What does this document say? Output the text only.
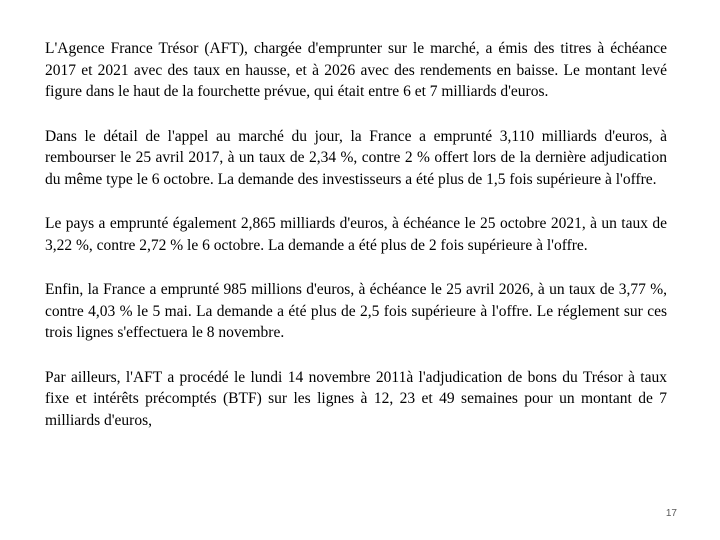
L'Agence France Trésor (AFT), chargée d'emprunter sur le marché, a émis des titres à échéance 2017 et 2021 avec des taux en hausse, et à 2026 avec des rendements en baisse. Le montant levé figure dans le haut de la fourchette prévue, qui était entre 6 et 7 milliards d'euros.

Dans le détail de l'appel au marché du jour, la France a emprunté 3,110 milliards d'euros, à rembourser le 25 avril 2017, à un taux de 2,34 %, contre 2 % offert lors de la dernière adjudication du même type le 6 octobre. La demande des investisseurs a été plus de 1,5 fois supérieure à l'offre.

Le pays a emprunté également 2,865 milliards d'euros, à échéance le 25 octobre 2021, à un taux de 3,22 %, contre 2,72 % le 6 octobre. La demande a été plus de 2 fois supérieure à l'offre.

Enfin, la France a emprunté 985 millions d'euros, à échéance le 25 avril 2026, à un taux de 3,77 %, contre 4,03 % le 5 mai. La demande a été plus de 2,5 fois supérieure à l'offre. Le réglement sur ces trois lignes s'effectuera le 8 novembre.

Par ailleurs, l'AFT a procédé le lundi 14 novembre 2011à l'adjudication de bons du Trésor à taux fixe et intérêts précomptés (BTF) sur les lignes à 12, 23 et 49 semaines pour un montant de 7 milliards d'euros,

17
